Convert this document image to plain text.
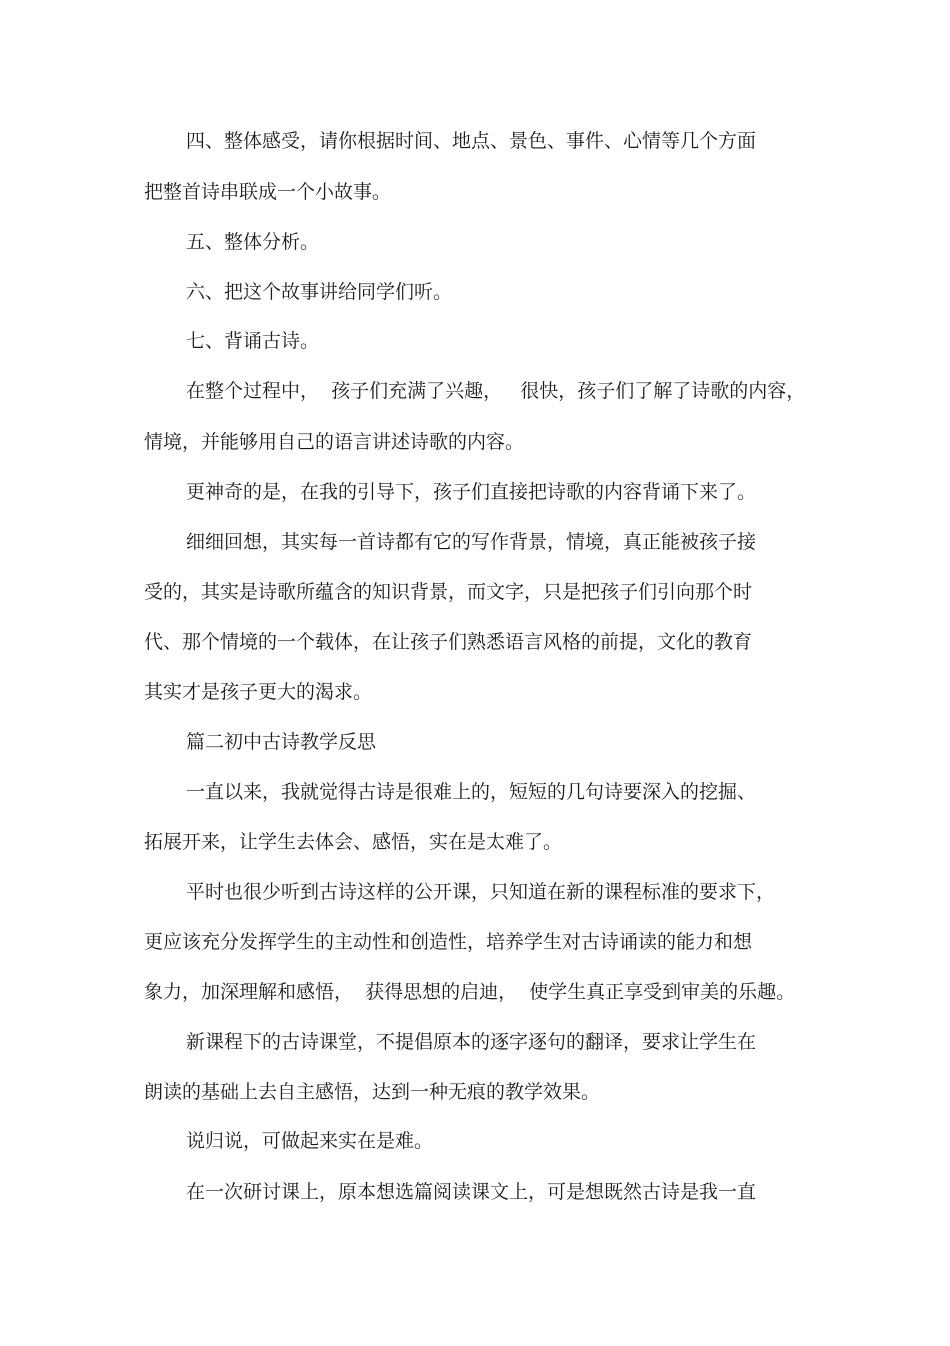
四、整体感受，请你根据时间、地点、景色、事件、心情等几个方面

把整首诗串联成一个小故事。

五、整体分析。

六、把这个故事讲给同学们听。

七、背诵古诗。

在整个过程中，  孩子们充满了兴趣，   很快，孩子们了解了诗歌的内容，

情境，并能够用自己的语言讲述诗歌的内容。

更神奇的是，在我的引导下，孩子们直接把诗歌的内容背诵下来了。

细细回想，其实每一首诗都有它的写作背景，情境，真正能被孩子接

受的，其实是诗歌所蕴含的知识背景，而文字，只是把孩子们引向那个时

代、那个情境的一个载体，在让孩子们熟悉语言风格的前提，文化的教育

其实才是孩子更大的渴求。

篇二初中古诗教学反思

一直以来，我就觉得古诗是很难上的，短短的几句诗要深入的挖掘、

拓展开来，让学生去体会、感悟，实在是太难了。

平时也很少听到古诗这样的公开课，只知道在新的课程标准的要求下，

更应该充分发挥学生的主动性和创造性，培养学生对古诗诵读的能力和想

象力，加深理解和感悟，  获得思想的启迪，  使学生真正享受到审美的乐趣。

新课程下的古诗课堂，不提倡原本的逐字逐句的翻译，要求让学生在

朗读的基础上去自主感悟，达到一种无痕的教学效果。

说归说，可做起来实在是难。

在一次研讨课上，原本想选篇阅读课文上，可是想既然古诗是我一直
